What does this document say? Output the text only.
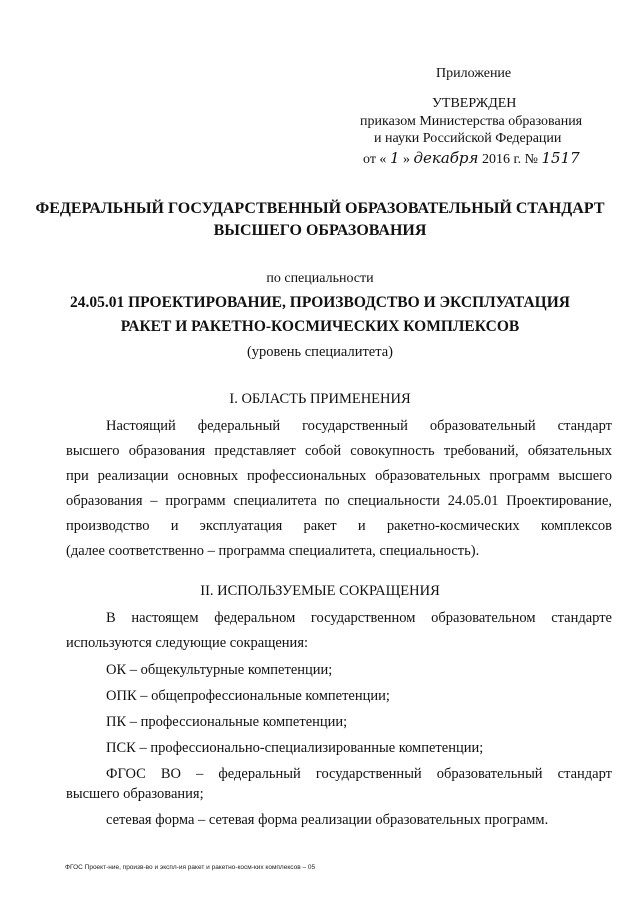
Приложение
УТВЕРЖДЕН
приказом Министерства образования
и науки Российской Федерации
от « 1 » декабря 2016 г. № 1517
ФЕДЕРАЛЬНЫЙ ГОСУДАРСТВЕННЫЙ ОБРАЗОВАТЕЛЬНЫЙ СТАНДАРТ
ВЫСШЕГО ОБРАЗОВАНИЯ
по специальности
24.05.01 ПРОЕКТИРОВАНИЕ, ПРОИЗВОДСТВО И ЭКСПЛУАТАЦИЯ
РАКЕТ И РАКЕТНО-КОСМИЧЕСКИХ КОМПЛЕКСОВ
(уровень специалитета)
I. ОБЛАСТЬ ПРИМЕНЕНИЯ
Настоящий федеральный государственный образовательный стандарт
высшего образования представляет собой совокупность требований, обязательных
при реализации основных профессиональных образовательных программ высшего
образования – программ специалитета по специальности 24.05.01 Проектирование,
производство и эксплуатация ракет и ракетно-космических комплексов
(далее соответственно – программа специалитета, специальность).
II. ИСПОЛЬЗУЕМЫЕ СОКРАЩЕНИЯ
В настоящем федеральном государственном образовательном стандарте
используются следующие сокращения:
ОК – общекультурные компетенции;
ОПК – общепрофессиональные компетенции;
ПК – профессиональные компетенции;
ПСК – профессионально-специализированные компетенции;
ФГОС ВО – федеральный государственный образовательный стандарт
высшего образования;
сетевая форма – сетевая форма реализации образовательных программ.
ФГОС Проект-ние, произв-во и экспл-ия ракет и ракетно-косм-ких комплексов – 05
